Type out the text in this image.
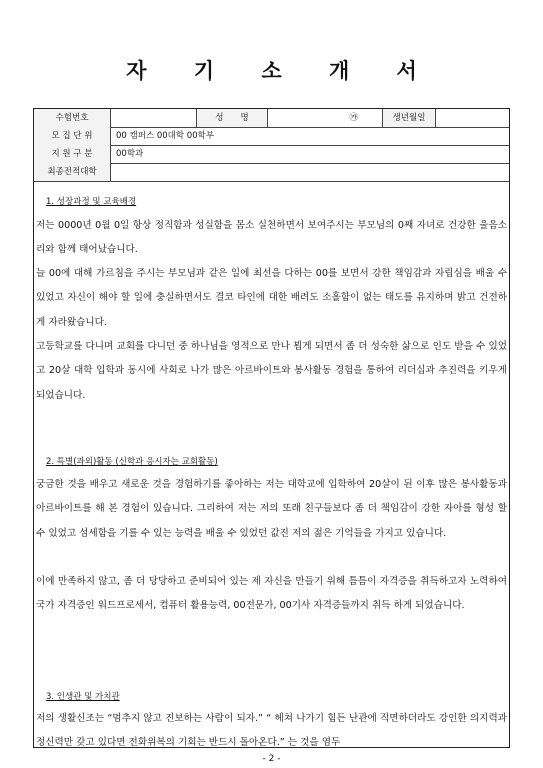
자 기 소 개 서
수험번호	성　　명	㉮	생년월일
모 집 단 위	00 캠퍼스 00대학 00학부
지 원 구 분	00학과
최종전적대학
1. 성장과정 및 교육배경

저는 0000년 0월 0일 항상 정직함과 성실함을 몸소 실천하면서 보여주시는 부모님의 0째 자녀로 건강한 울음소리와 함께 태어났습니다.

늘 00에 대해 가르침을 주시는 부모님과 같은 일에 최선을 다하는 00를 보면서 강한 책임감과 자립심을 배울 수 있었고 자신이 해야 할 일에 충실하면서도 결코 타인에 대한 배려도 소홀함이 없는 태도를 유지하며 밝고 건전하게 자라왔습니다.

고등학교를 다니며 교회를 다니던 중 하나님을 영적으로 만나 뵙게 되면서 좀 더 성숙한 삶으로 인도 받을 수 있었고 20살 대학 입학과 동시에 사회로 나가 많은 아르바이트와 봉사활동 경험을 통하여 리더십과 추진력을 키우게 되었습니다.

2. 특별(과외)활동 (신학과 응시자는 교회활동)

궁금한 것을 배우고 새로운 것을 경험하기를 좋아하는 저는 대학교에 입학하여 20살이 된 이후 많은 봉사활동과 아르바이트를 해 본 경험이 있습니다. 그리하여 저는 저의 또래 친구들보다 좀 더 책임감이 강한 자아를 형성 할 수 있었고 섬세함을 기를 수 있는 능력을 배울 수 있었던 값진 저의 젊은 기억들을 가지고 있습니다.

이에 만족하지 않고, 좀 더 당당하고 준비되어 있는 제 자신을 만들기 위해 틈틈이 자격증을 취득하고자 노력하여 국가 자격증인 워드프로세서, 컴퓨터 활용능력, 00전문가, 00기사 자격증들까지 취득 하게 되었습니다.

3. 인생관 및 가치관

저의 생활신조는 “멈추지 않고 진보하는 사람이 되자.” “ 헤쳐 나가기 힘든 난관에 직면하더라도 강인한 의지력과 정신력만 갖고 있다면 전화위복의 기회는 반드시 돌아온다.” 는 것을 염두

- 2 -
